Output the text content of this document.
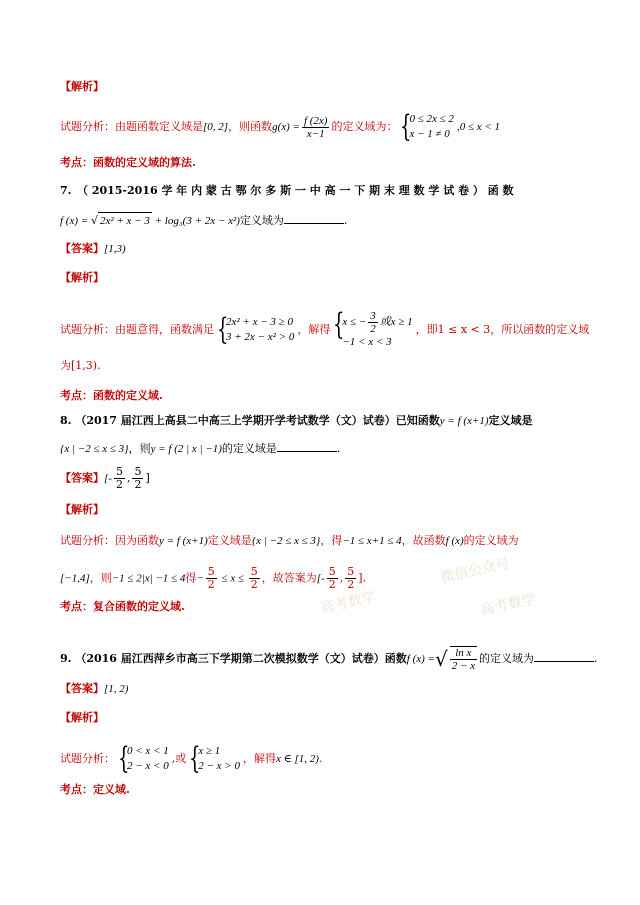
微信公众号
高考数学	高考数学
【解析】
试题分析：由题函数定义域是[0, 2]，则函数$g(x) = \frac{f (2x)}{x-1}$ 的定义域为： {
0 ≤ 2x ≤ 2
x − 1 ≠ 0
,0 ≤ x < 1
考点：函数的定义域的算法.
7.　（ 2015-2016 学 年 内 蒙 古 鄂 尔 多 斯 一 中 高 一 下 期 末 理 数 学 试 卷 ） 函 数
f (x) = √ 2x² + x − 3 + log₃(3 + 2x − x²)定义域为	.
【答案】[1,3)
【解析】
试题分析：由题意得，函数满足 {
2x² + x − 3 ≥ 0
3 + 2x − x² > 0
，解得 {
x ≤ − $\frac{3}{2}$ 或x ≥ 1
−1 < x < 3
，即1 ≤ x < 3，所以函数的定义域
为[1,3).
考点：函数的定义域.
8. （2017 届江西上高县二中高三上学期开学考试数学（文）试卷）已知函数y = f (x+1)定义域是
{x | −2 ≤ x ≤ 3}，则y = f (2 | x | −1)的定义域是	.
【答案】[- $\frac{5}{2}$ , $\frac{5}{2}$ ]
【解析】
试题分析：因为函数y = f (x+1)定义域是{x | −2 ≤ x ≤ 3}，得−1 ≤ x+1 ≤ 4，故函数f (x)的定义域为
[−1,4]，则−1 ≤ 2|x| −1 ≤ 4得− $\frac{5}{2} \le x \le \frac{5}{2}$ ，故答案为[- $\frac{5}{2}$ , $\frac{5}{2}$ ].
考点：复合函数的定义域.
9. （2016 届江西萍乡市高三下学期第二次模拟数学（文）试卷）函数f (x) =√ $\frac{\text{ln x}}{2 - x}$ 的定义域为	.
【答案】[1, 2)
【解析】
试题分析： {
0 < x < 1
2 − x < 0
,或 {
x ≥ 1
2 − x > 0
，解得x ∈ [1, 2).
考点：定义域.
